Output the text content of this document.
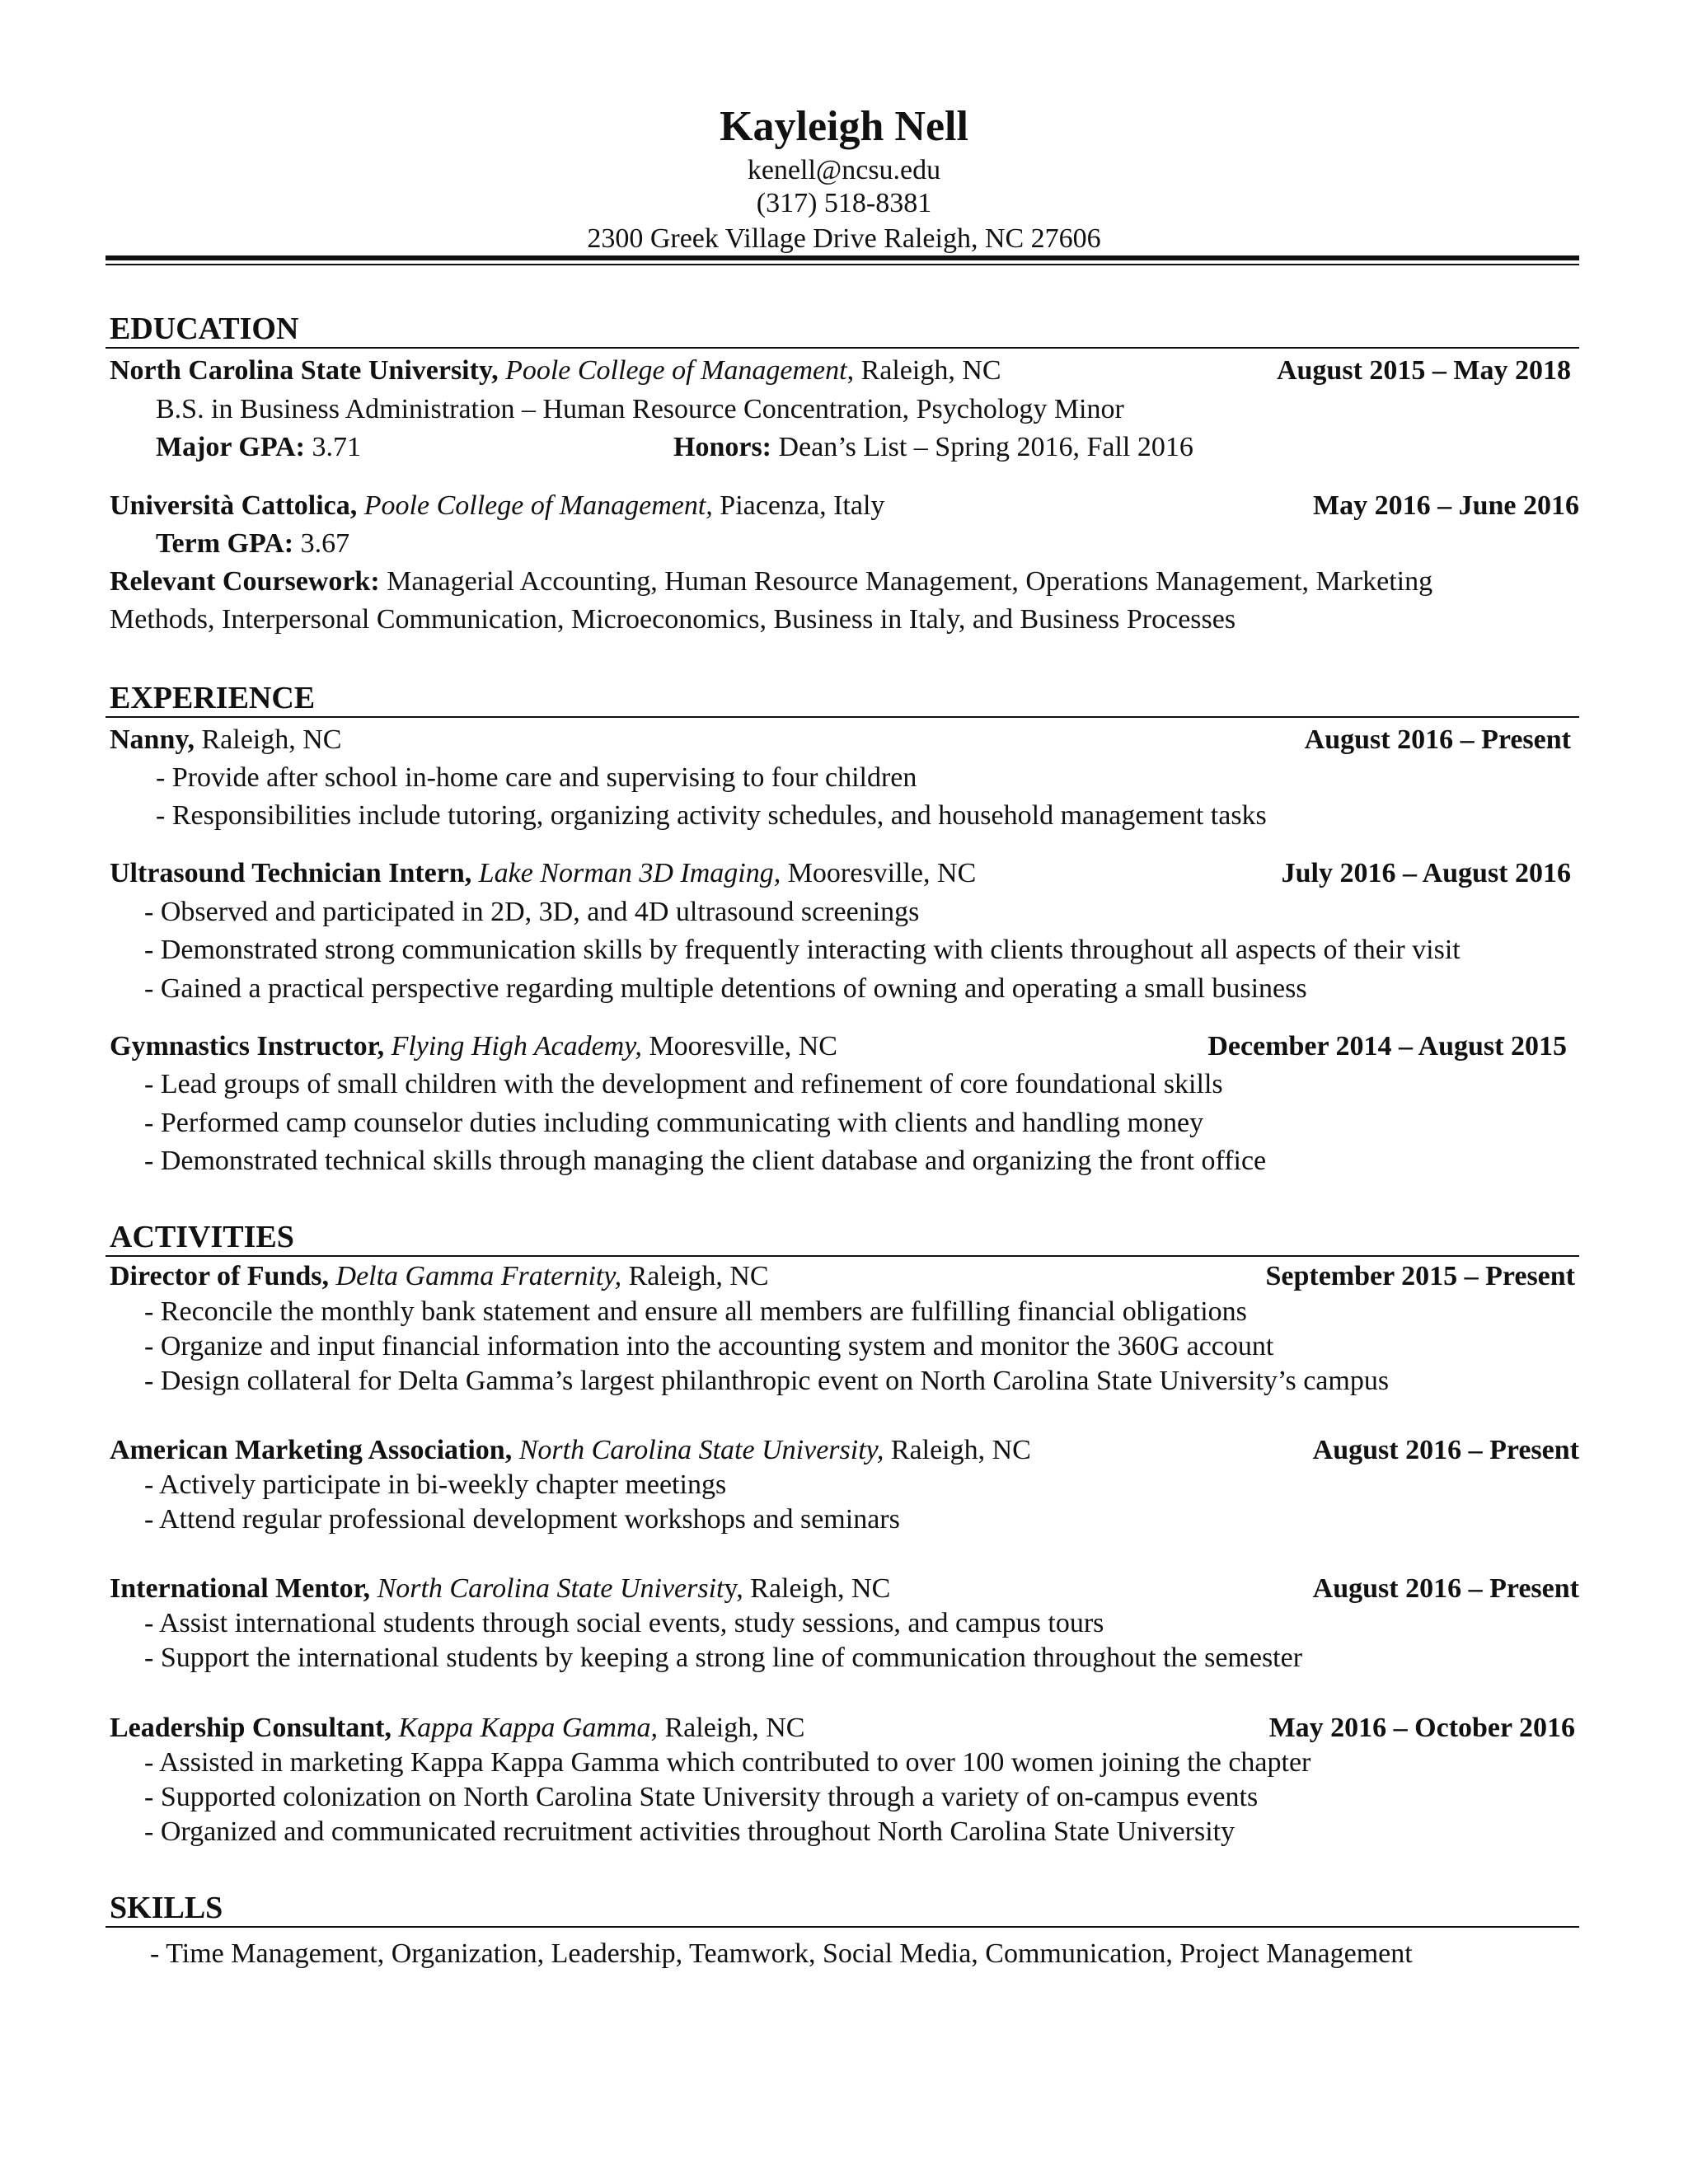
Kayleigh Nell
kenell@ncsu.edu
(317) 518-8381
2300 Greek Village Drive Raleigh, NC 27606
EDUCATION
North Carolina State University, Poole College of Management, Raleigh, NC	August 2015 – May 2018
B.S. in Business Administration – Human Resource Concentration, Psychology Minor
Major GPA: 3.71	Honors: Dean’s List – Spring 2016, Fall 2016
Università Cattolica, Poole College of Management, Piacenza, Italy	May 2016 – June 2016
Term GPA: 3.67
Relevant Coursework: Managerial Accounting, Human Resource Management, Operations Management, Marketing
Methods, Interpersonal Communication, Microeconomics, Business in Italy, and Business Processes
EXPERIENCE
Nanny, Raleigh, NC	August 2016 – Present
- Provide after school in-home care and supervising to four children
- Responsibilities include tutoring, organizing activity schedules, and household management tasks
Ultrasound Technician Intern, Lake Norman 3D Imaging, Mooresville, NC	July 2016 – August 2016
- Observed and participated in 2D, 3D, and 4D ultrasound screenings
- Demonstrated strong communication skills by frequently interacting with clients throughout all aspects of their visit
- Gained a practical perspective regarding multiple detentions of owning and operating a small business
Gymnastics Instructor, Flying High Academy, Mooresville, NC	December 2014 – August 2015
- Lead groups of small children with the development and refinement of core foundational skills
- Performed camp counselor duties including communicating with clients and handling money
- Demonstrated technical skills through managing the client database and organizing the front office
ACTIVITIES
Director of Funds, Delta Gamma Fraternity, Raleigh, NC	September 2015 – Present
- Reconcile the monthly bank statement and ensure all members are fulfilling financial obligations
- Organize and input financial information into the accounting system and monitor the 360G account
- Design collateral for Delta Gamma’s largest philanthropic event on North Carolina State University’s campus
American Marketing Association, North Carolina State University, Raleigh, NC	August 2016 – Present
- Actively participate in bi-weekly chapter meetings
- Attend regular professional development workshops and seminars
International Mentor, North Carolina State University, Raleigh, NC	August 2016 – Present
- Assist international students through social events, study sessions, and campus tours
- Support the international students by keeping a strong line of communication throughout the semester
Leadership Consultant, Kappa Kappa Gamma, Raleigh, NC	May 2016 – October 2016
- Assisted in marketing Kappa Kappa Gamma which contributed to over 100 women joining the chapter
- Supported colonization on North Carolina State University through a variety of on-campus events
- Organized and communicated recruitment activities throughout North Carolina State University
SKILLS
- Time Management, Organization, Leadership, Teamwork, Social Media, Communication, Project Management
